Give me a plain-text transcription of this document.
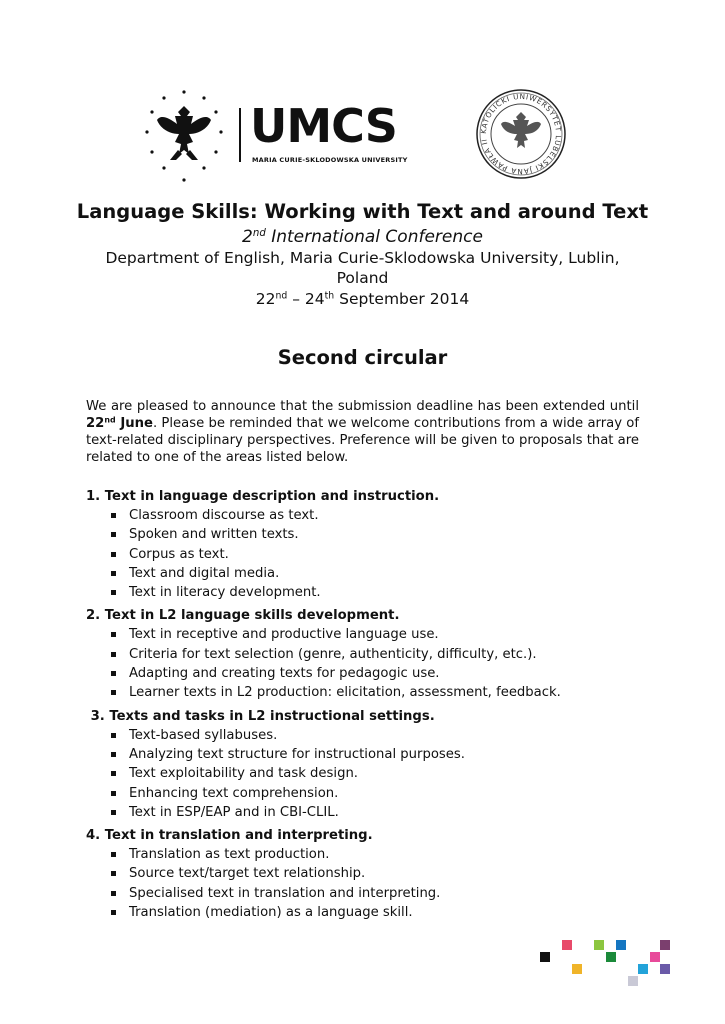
UMCS
MARIA CURIE-SKLODOWSKA UNIVERSITY
KATOLICKI UNIWERSYTET LUBELSKI JANA PAWŁA II
Language Skills: Working with Text and around Text
2nd International Conference
Department of English, Maria Curie-Sklodowska University, Lublin, Poland
22nd – 24th September 2014
Second circular
We are pleased to announce that the submission deadline has been extended until 22nd June. Please be reminded that we welcome contributions from a wide array of text-related disciplinary perspectives. Preference will be given to proposals that are related to one of the areas listed below.
1. Text in language description and instruction.
Classroom discourse as text.
Spoken and written texts.
Corpus as text.
Text and digital media.
Text in literacy development.
2. Text in L2 language skills development.
Text in receptive and productive language use.
Criteria for text selection (genre, authenticity, difficulty, etc.).
Adapting and creating texts for pedagogic use.
Learner texts in L2 production: elicitation, assessment, feedback.
3. Texts and tasks in L2 instructional settings.
Text-based syllabuses.
Analyzing text structure for instructional purposes.
Text exploitability and task design.
Enhancing text comprehension.
Text in ESP/EAP and in CBI-CLIL.
4. Text in translation and interpreting.
Translation as text production.
Source text/target text relationship.
Specialised text in translation and interpreting.
Translation (mediation) as a language skill.
